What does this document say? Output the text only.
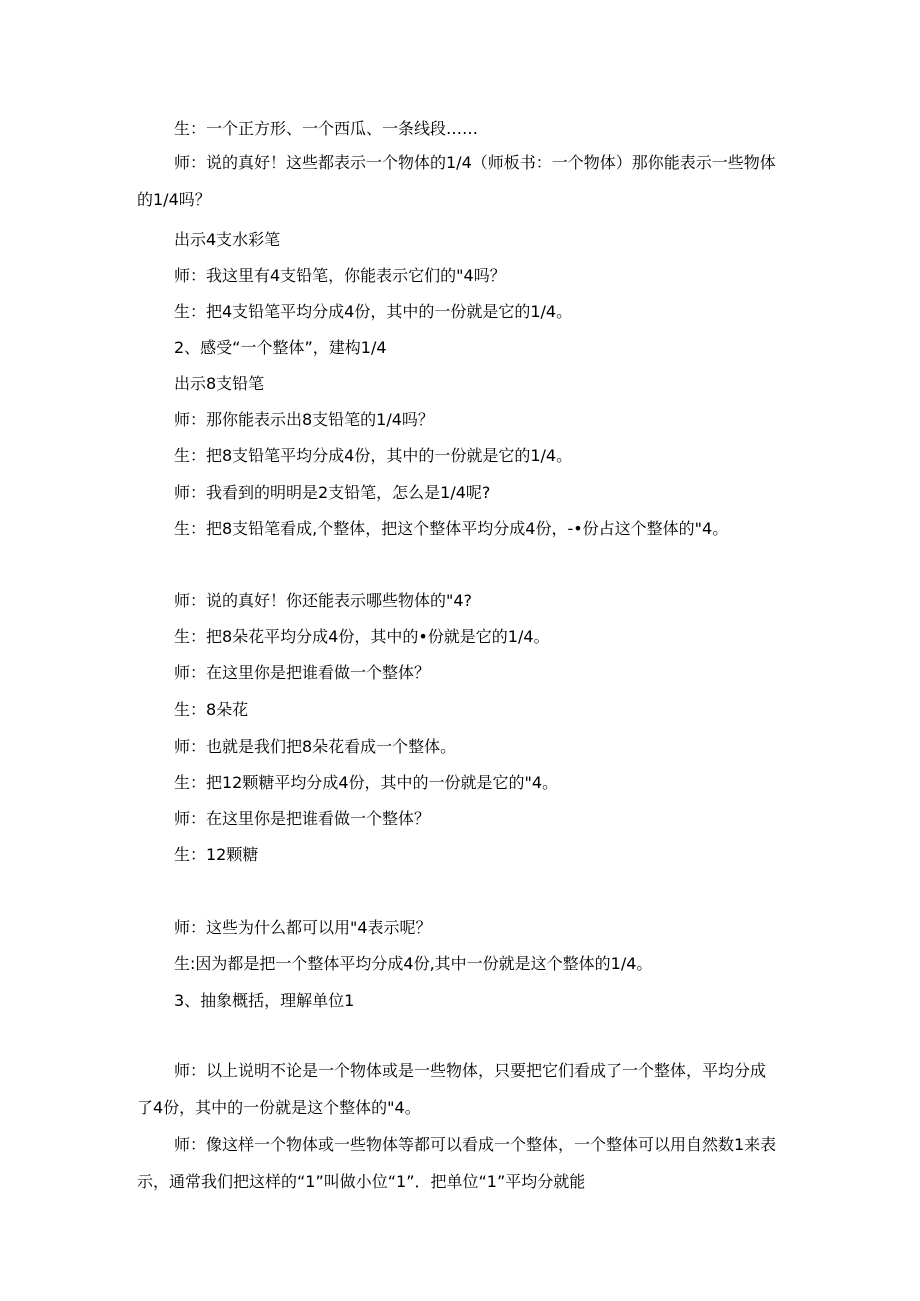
生：一个正方形、一个西瓜、一条线段……
师：说的真好！这些都表示一个物体的1/4（师板书：一个物体）那你能表示一些物体的1/4吗？
出示4支水彩笔
师：我这里有4支铅笔，你能表示它们的"4吗？
生：把4支铅笔平均分成4份，其中的一份就是它的1/4。
2、感受“一个整体”，建构1/4
出示8支铅笔
师：那你能表示出8支铅笔的1/4吗？
生：把8支铅笔平均分成4份，其中的一份就是它的1/4。
师：我看到的明明是2支铅笔，怎么是1/4呢?
生：把8支铅笔看成,个整体，把这个整体平均分成4份，-•份占这个整体的"4。
师：说的真好！你还能表示哪些物体的"4?
生：把8朵花平均分成4份，其中的•份就是它的1/4。
师：在这里你是把谁看做一个整体？
生：8朵花
师：也就是我们把8朵花看成一个整体。
生：把12颗糖平均分成4份，其中的一份就是它的"4。
师：在这里你是把谁看做一个整体？
生：12颗糖
师：这些为什么都可以用"4表示呢？
生:因为都是把一个整体平均分成4份,其中一份就是这个整体的1/4。
3、抽象概括，理解单位1
师：以上说明不论是一个物体或是一些物体，只要把它们看成了一个整体，平均分成了4份，其中的一份就是这个整体的"4。
师：像这样一个物体或一些物体等都可以看成一个整体，一个整体可以用自然数1来表示，通常我们把这样的“1”叫做小位“1”．把单位“1”平均分就能
